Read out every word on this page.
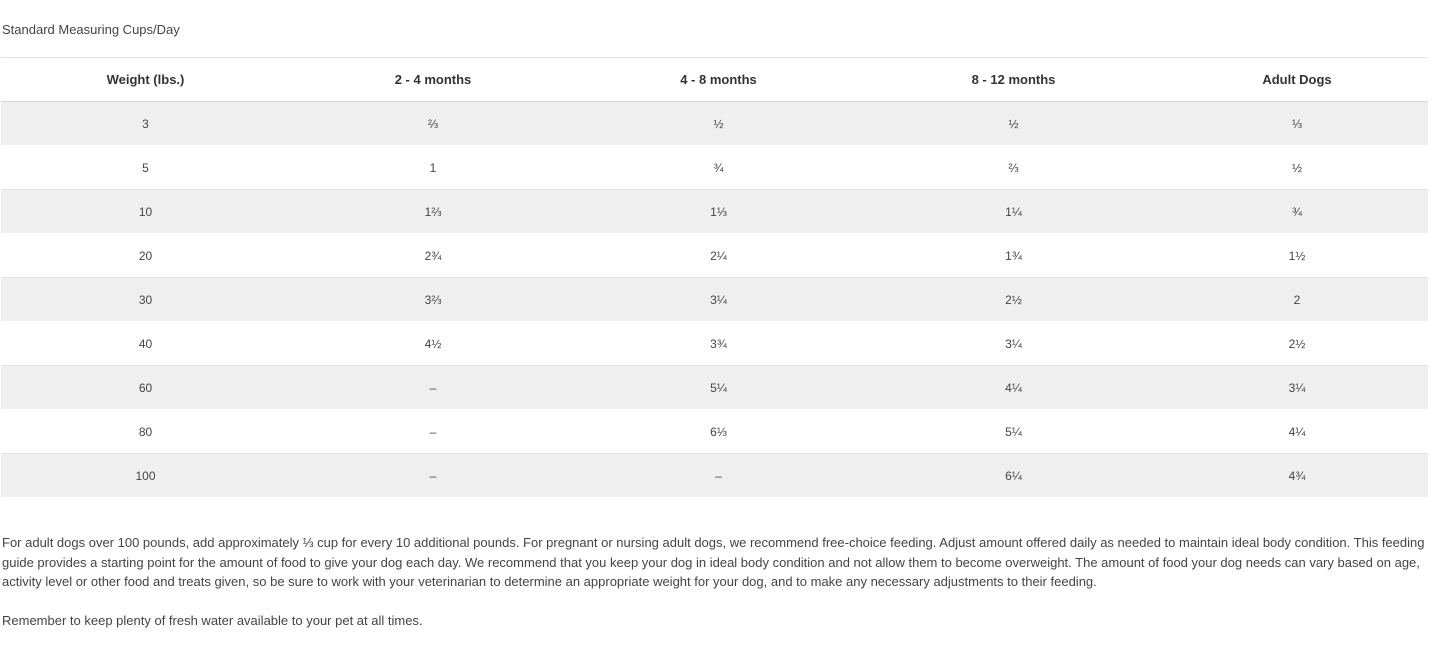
Standard Measuring Cups/Day
Weight (lbs.)	2 - 4 months	4 - 8 months	8 - 12 months	Adult Dogs
3	⅔	½	½	⅓
5	1	¾	⅔	½
10	1⅔	1⅓	1¼	¾
20	2¾	2¼	1¾	1½
30	3⅔	3¼	2½	2
40	4½	3¾	3¼	2½
60	–	5¼	4¼	3¼
80	–	6⅓	5¼	4¼
100	–	–	6¼	4¾

For adult dogs over 100 pounds, add approximately ⅓ cup for every 10 additional pounds. For pregnant or nursing adult dogs, we recommend free-choice feeding. Adjust amount offered daily as needed to maintain ideal body condition. This feeding guide provides a starting point for the amount of food to give your dog each day. We recommend that you keep your dog in ideal body condition and not allow them to become overweight. The amount of food your dog needs can vary based on age, activity level or other food and treats given, so be sure to work with your veterinarian to determine an appropriate weight for your dog, and to make any necessary adjustments to their feeding.

Remember to keep plenty of fresh water available to your pet at all times.
